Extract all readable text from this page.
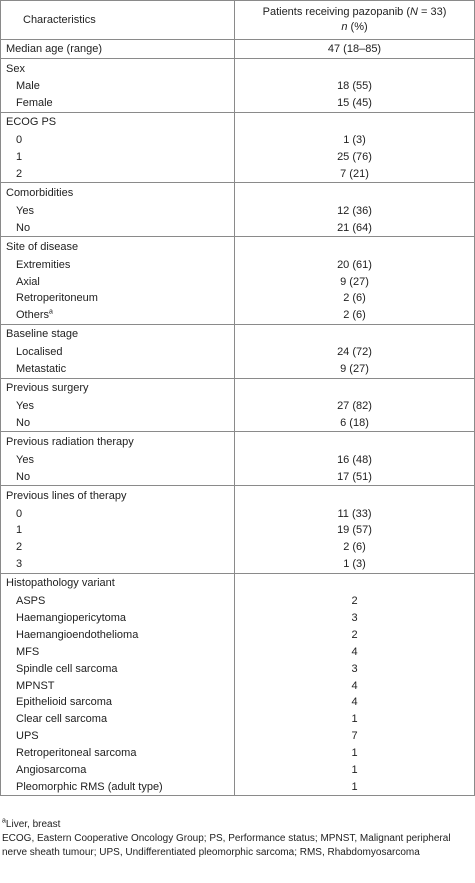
Characteristics	Patients receiving pazopanib (N = 33)
n (%)
Median age (range)	47 (18–85)
Sex	
Male	18 (55)
Female	15 (45)
ECOG PS	
0	1 (3)
1	25 (76)
2	7 (21)
Comorbidities	
Yes	12 (36)
No	21 (64)
Site of disease	
Extremities	20 (61)
Axial	9 (27)
Retroperitoneum	2 (6)
Others$^a$	2 (6)
Baseline stage	
Localised	24 (72)
Metastatic	9 (27)
Previous surgery	
Yes	27 (82)
No	6 (18)
Previous radiation therapy	
Yes	16 (48)
No	17 (51)
Previous lines of therapy	
0	11 (33)
1	19 (57)
2	2 (6)
3	1 (3)
Histopathology variant	
ASPS	2
Haemangiopericytoma	3
Haemangioendothelioma	2
MFS	4
Spindle cell sarcoma	3
MPNST	4
Epithelioid sarcoma	4
Clear cell sarcoma	1
UPS	7
Retroperitoneal sarcoma	1
Angiosarcoma	1
Pleomorphic RMS (adult type)	1

$^a$Liver, breast

ECOG, Eastern Cooperative Oncology Group; PS, Performance status; MPNST, Malignant peripheral nerve sheath tumour; UPS, Undifferentiated pleomorphic sarcoma; RMS, Rhabdomyosarcoma
